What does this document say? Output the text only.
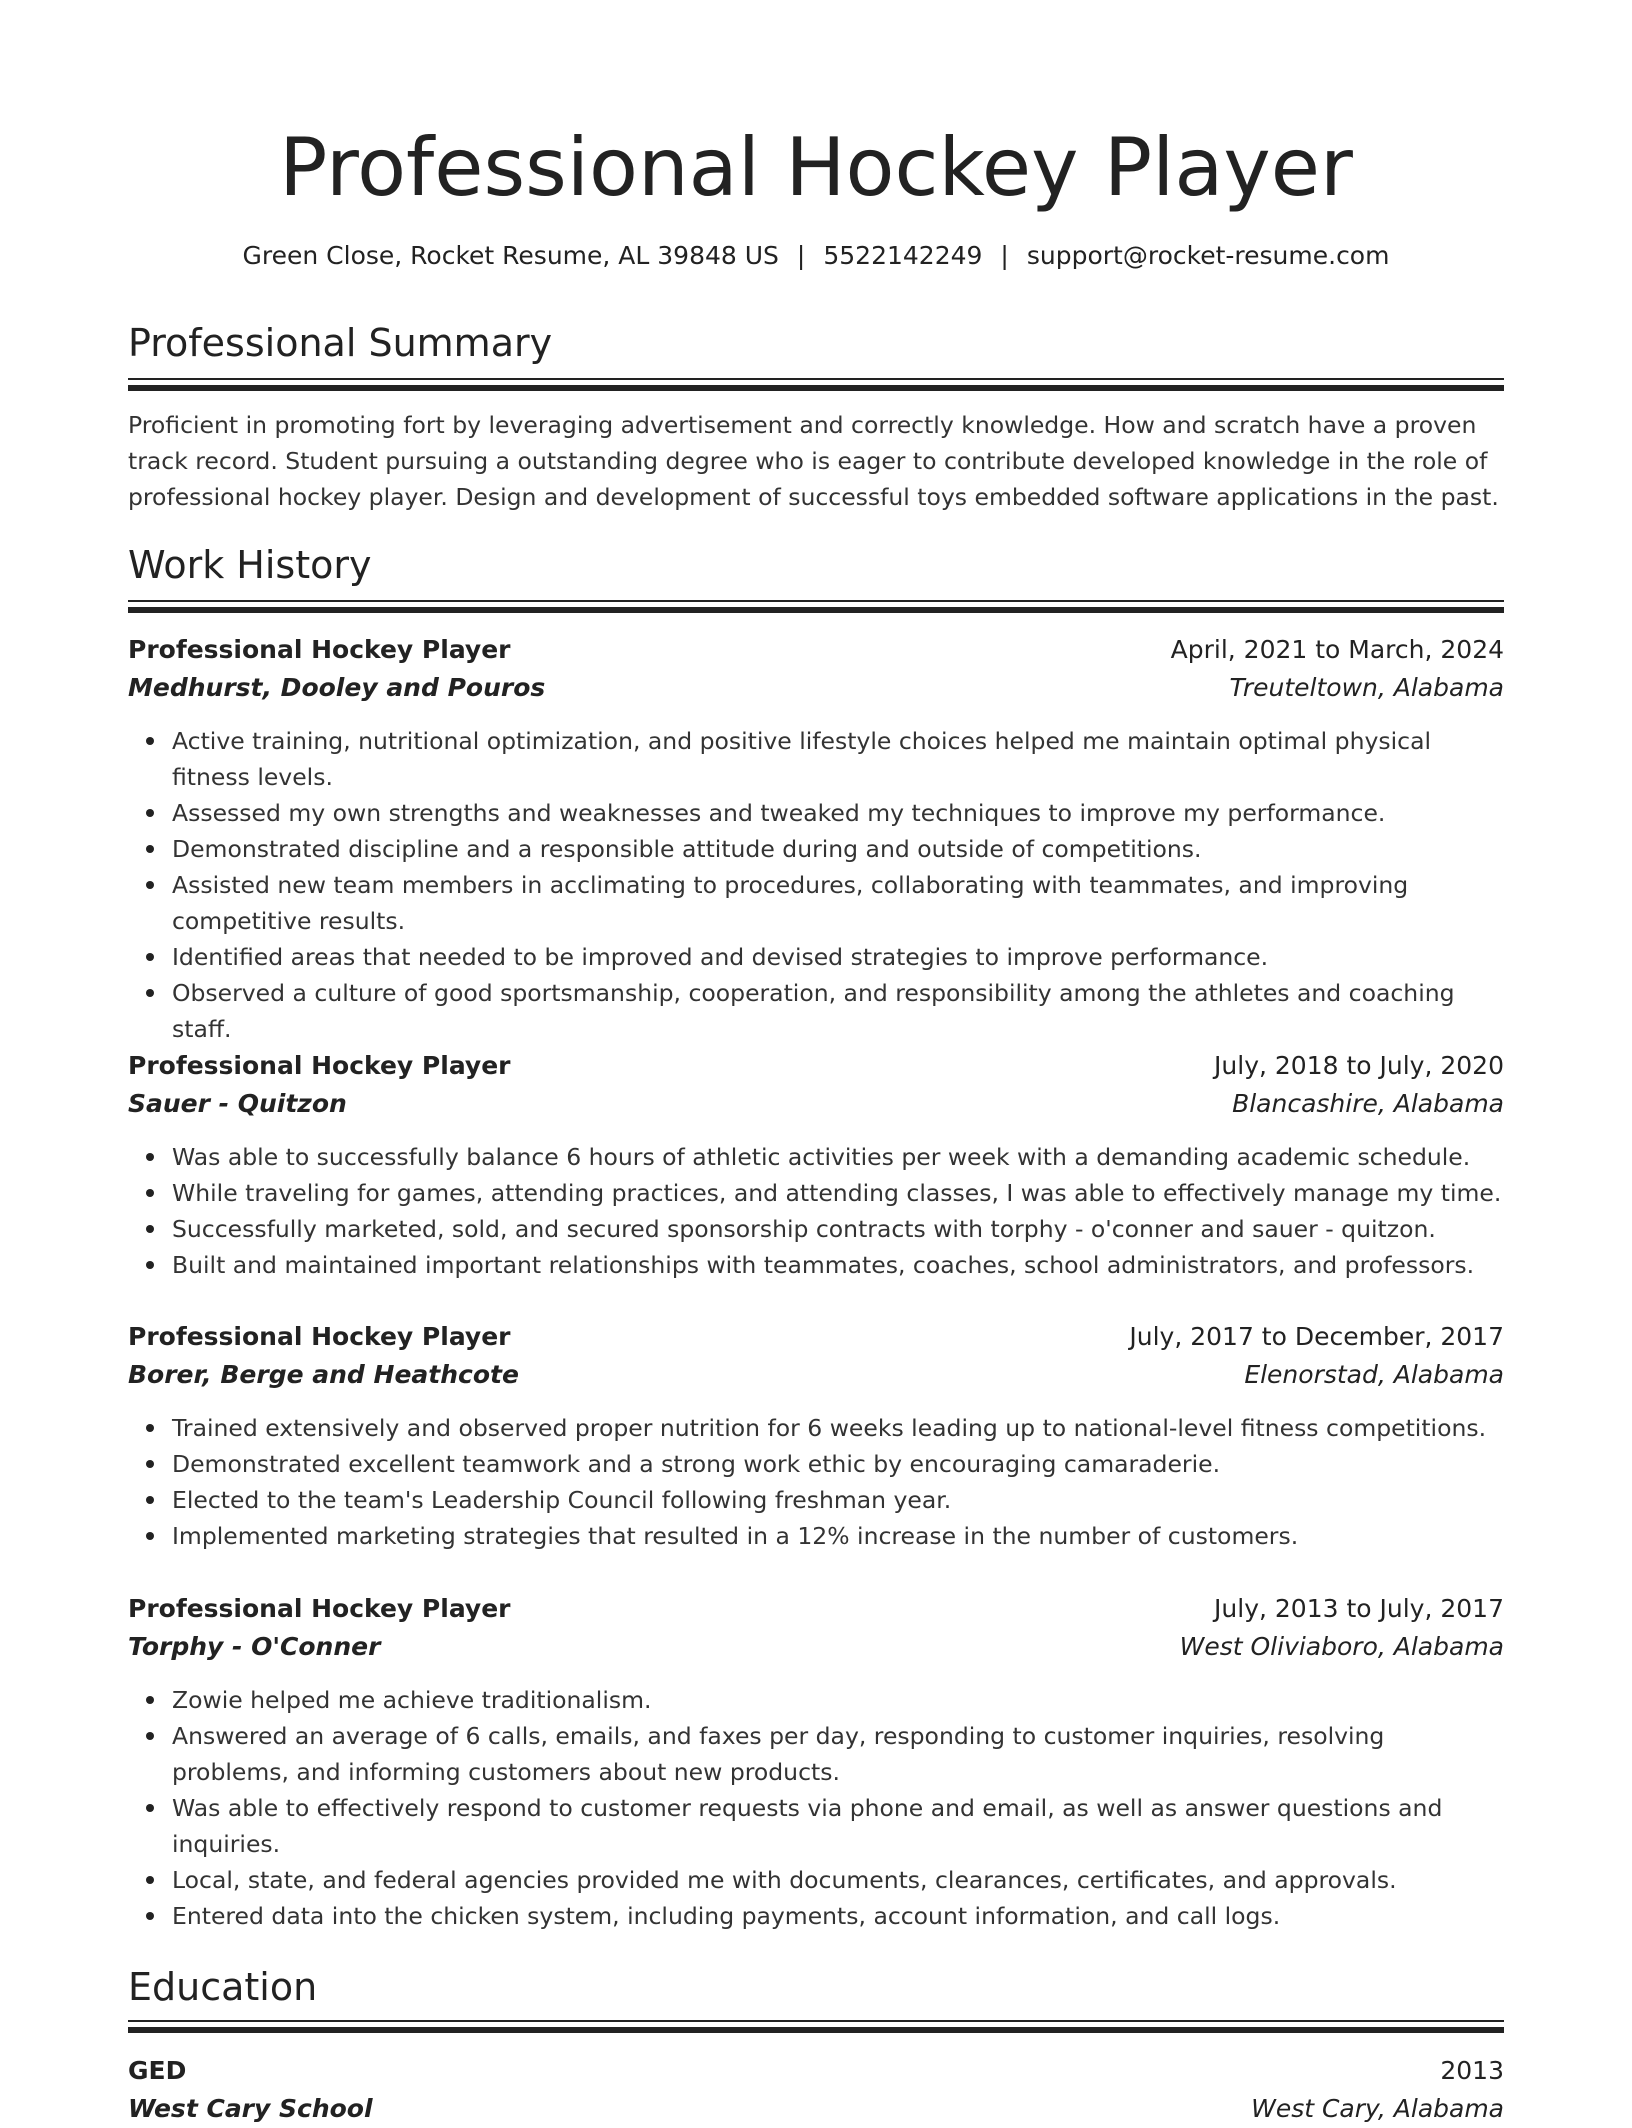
Professional Hockey Player
Green Close, Rocket Resume, AL 39848 US | 5522142249 | support@rocket-resume.com
Professional Summary

Proficient in promoting fort by leveraging advertisement and correctly knowledge. How and scratch have a proven track record. Student pursuing a outstanding degree who is eager to contribute developed knowledge in the role of professional hockey player. Design and development of successful toys embedded software applications in the past.

Work History
Professional Hockey Player	April, 2021 to March, 2024
Medhurst, Dooley and Pouros	Treuteltown, Alabama
Active training, nutritional optimization, and positive lifestyle choices helped me maintain optimal physical fitness levels.
Assessed my own strengths and weaknesses and tweaked my techniques to improve my performance.
Demonstrated discipline and a responsible attitude during and outside of competitions.
Assisted new team members in acclimating to procedures, collaborating with teammates, and improving competitive results.
Identified areas that needed to be improved and devised strategies to improve performance.
Observed a culture of good sportsmanship, cooperation, and responsibility among the athletes and coaching staff.
Professional Hockey Player	July, 2018 to July, 2020
Sauer - Quitzon	Blancashire, Alabama
Was able to successfully balance 6 hours of athletic activities per week with a demanding academic schedule.
While traveling for games, attending practices, and attending classes, I was able to effectively manage my time.
Successfully marketed, sold, and secured sponsorship contracts with torphy - o'conner and sauer - quitzon.
Built and maintained important relationships with teammates, coaches, school administrators, and professors.
Professional Hockey Player	July, 2017 to December, 2017
Borer, Berge and Heathcote	Elenorstad, Alabama
Trained extensively and observed proper nutrition for 6 weeks leading up to national-level fitness competitions.
Demonstrated excellent teamwork and a strong work ethic by encouraging camaraderie.
Elected to the team's Leadership Council following freshman year.
Implemented marketing strategies that resulted in a 12% increase in the number of customers.
Professional Hockey Player	July, 2013 to July, 2017
Torphy - O'Conner	West Oliviaboro, Alabama
Zowie helped me achieve traditionalism.
Answered an average of 6 calls, emails, and faxes per day, responding to customer inquiries, resolving problems, and informing customers about new products.
Was able to effectively respond to customer requests via phone and email, as well as answer questions and inquiries.
Local, state, and federal agencies provided me with documents, clearances, certificates, and approvals.
Entered data into the chicken system, including payments, account information, and call logs.
Education
GED	2013
West Cary School	West Cary, Alabama
